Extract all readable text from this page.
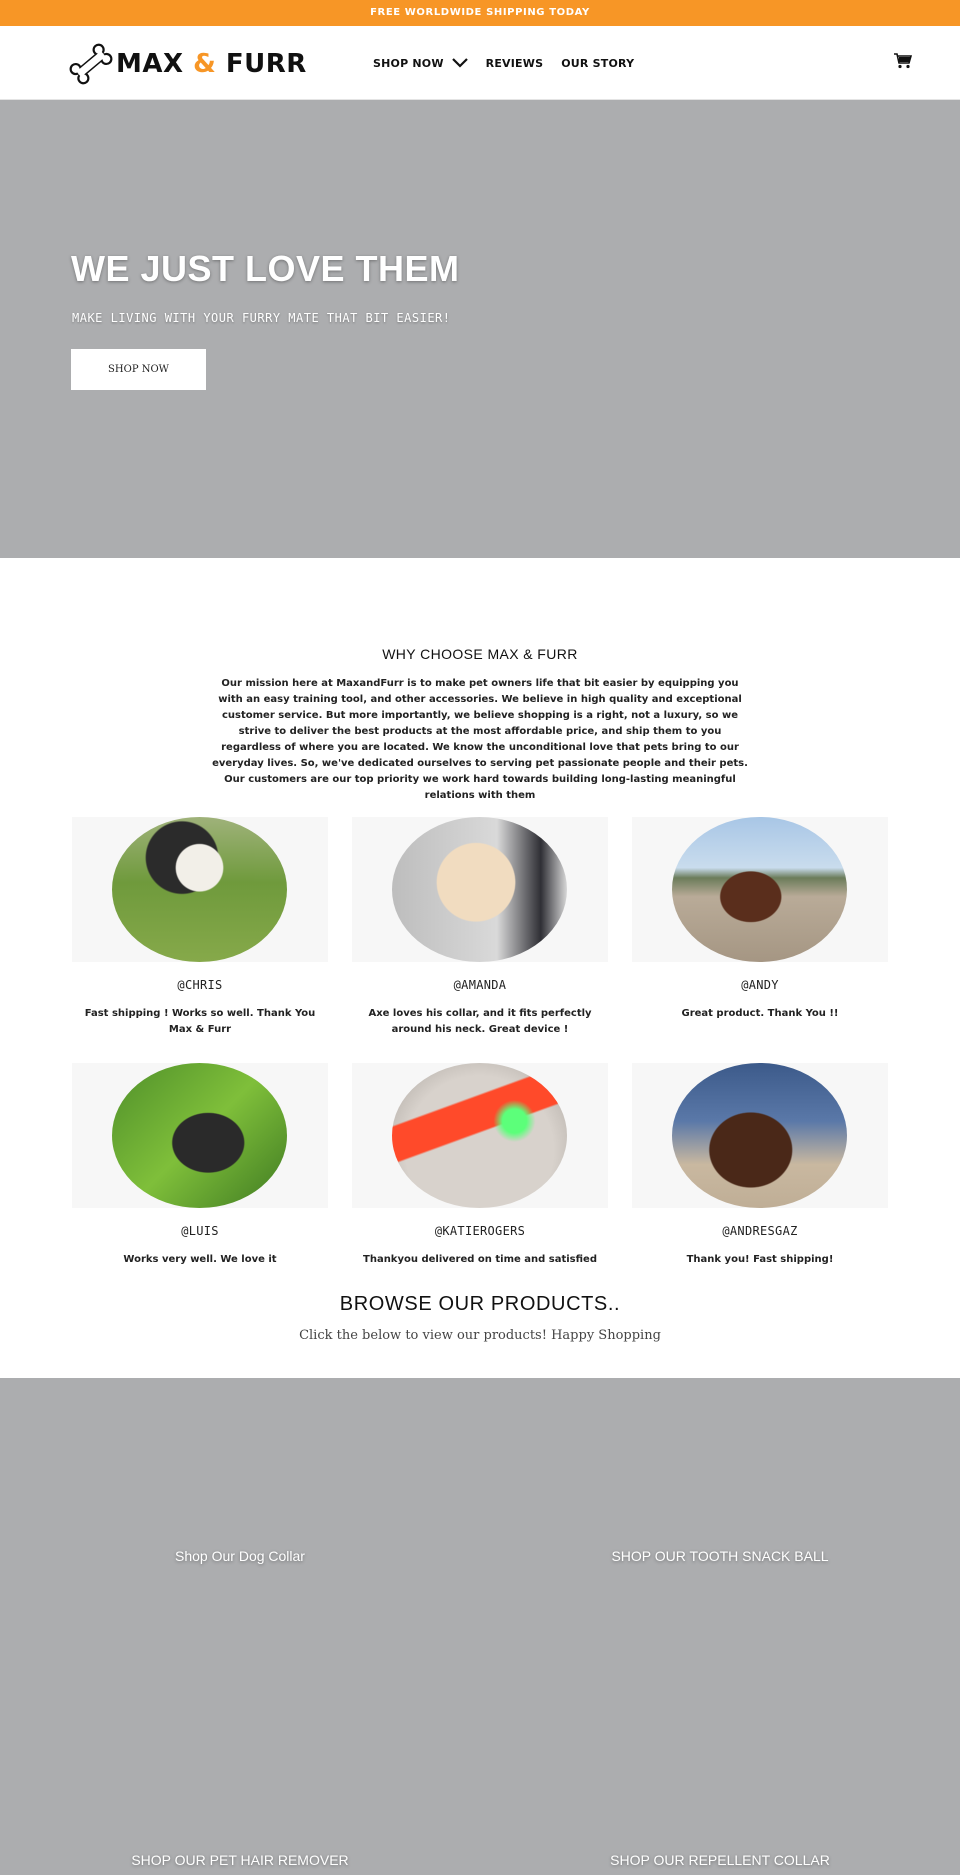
FREE WORLDWIDE SHIPPING TODAY
MAX & FURR	SHOP NOW	REVIEWS OUR STORY
WE JUST LOVE THEM

MAKE LIVING WITH YOUR FURRY MATE THAT BIT EASIER!

SHOP NOW
WHY CHOOSE MAX & FURR

Our mission here at MaxandFurr is to make pet owners life that bit easier by equipping you with an easy training tool, and other accessories. We believe in high quality and exceptional customer service. But more importantly, we believe shopping is a right, not a luxury, so we strive to deliver the best products at the most affordable price, and ship them to you regardless of where you are located. We know the unconditional love that pets bring to our everyday lives. So, we've dedicated ourselves to serving pet passionate people and their pets. Our customers are our top priority we work hard towards building long-lasting meaningful relations with them

@CHRIS
Fast shipping ! Works so well. Thank You Max & Furr
@AMANDA
Axe loves his collar, and it fits perfectly around his neck. Great device !
@ANDY
Great product. Thank You !!
@LUIS
Works very well. We love it
@KATIEROGERS
Thankyou delivered on time and satisfied
@ANDRESGAZ
Thank you! Fast shipping!
BROWSE OUR PRODUCTS..

Click the below to view our products! Happy Shopping

Shop Our Dog Collar	SHOP OUR TOOTH SNACK BALL
SHOP OUR PET HAIR REMOVER	SHOP OUR REPELLENT COLLAR
